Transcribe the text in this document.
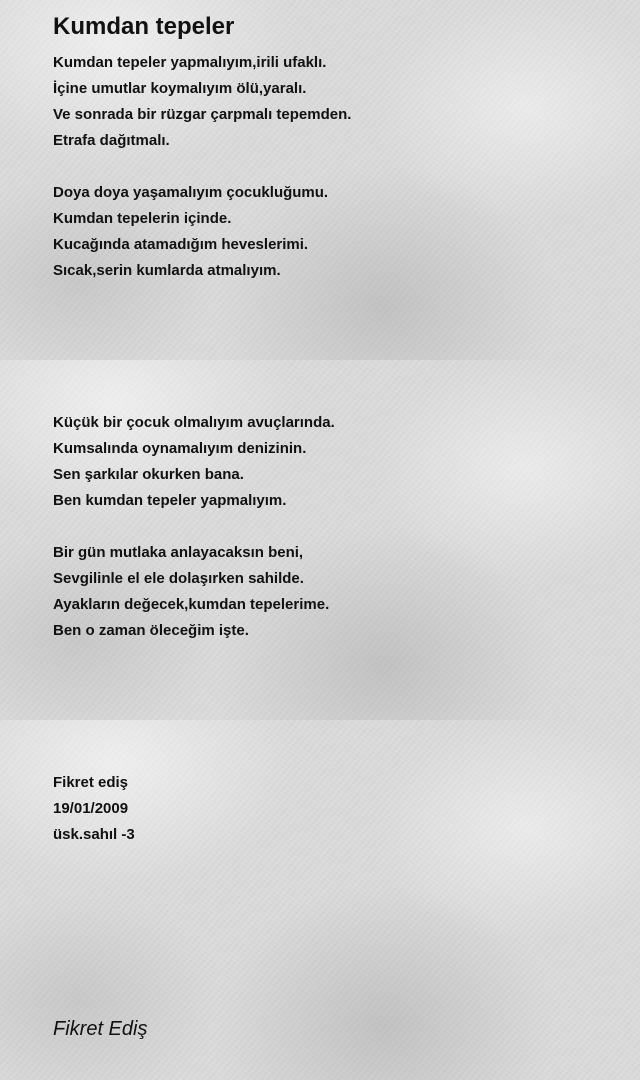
Kumdan tepeler
Kumdan tepeler yapmalıyım,irili ufaklı.
İçine umutlar koymalıyım ölü,yaralı.
Ve sonrada bir rüzgar çarpmalı tepemden.
Etrafa dağıtmalı.
Doya doya yaşamalıyım çocukluğumu.
Kumdan tepelerin içinde.
Kucağında atamadığım heveslerimi.
Sıcak,serin kumlarda atmalıyım.
Küçük bir çocuk olmalıyım avuçlarında.
Kumsalında oynamalıyım denizinin.
Sen şarkılar okurken bana.
Ben kumdan tepeler yapmalıyım.
Bir gün mutlaka anlayacaksın beni,
Sevgilinle el ele dolaşırken sahilde.
Ayakların değecek,kumdan tepelerime.
Ben o zaman öleceğim işte.
Fikret ediş
19/01/2009
üsk.sahıl -3

Fikret Ediş
